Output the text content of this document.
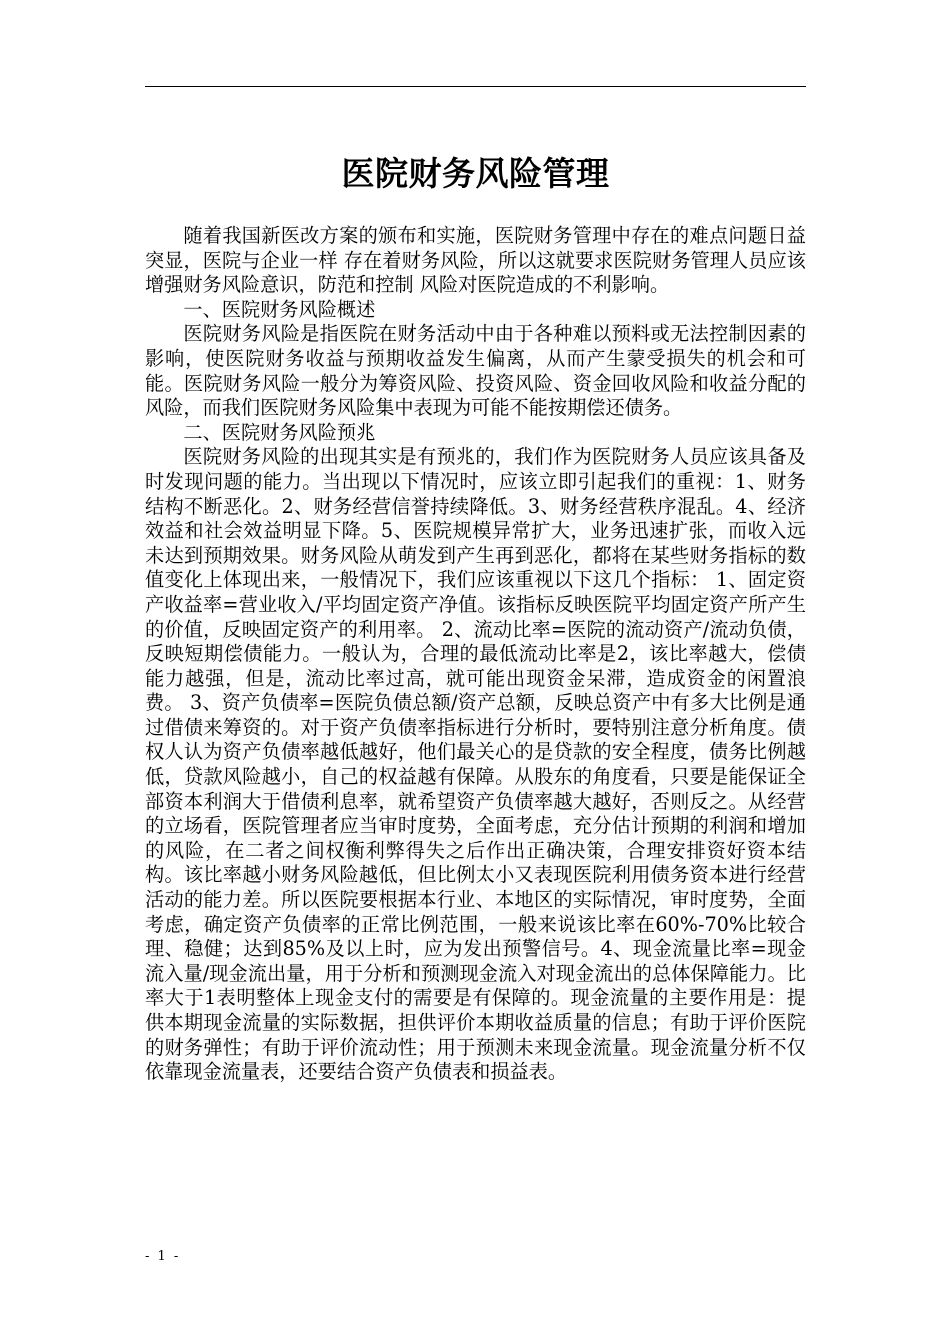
医院财务风险管理

随着我国新医改方案的颁布和实施，医院财务管理中存在的难点问题日益突显，医院与企业一样 存在着财务风险，所以这就要求医院财务管理人员应该增强财务风险意识，防范和控制 风险对医院造成的不利影响。

一、医院财务风险概述

医院财务风险是指医院在财务活动中由于各种难以预料或无法控制因素的影响，使医院财务收益与预期收益发生偏离，从而产生蒙受损失的机会和可能。医院财务风险一般分为筹资风险、投资风险、资金回收风险和收益分配的风险，而我们医院财务风险集中表现为可能不能按期偿还债务。

二、医院财务风险预兆

医院财务风险的出现其实是有预兆的，我们作为医院财务人员应该具备及时发现问题的能力。当出现以下情况时，应该立即引起我们的重视：1、财务结构不断恶化。2、财务经营信誉持续降低。3、财务经营秩序混乱。4、经济效益和社会效益明显下降。5、医院规模异常扩大，业务迅速扩张，而收入远未达到预期效果。财务风险从萌发到产生再到恶化，都将在某些财务指标的数值变化上体现出来，一般情况下，我们应该重视以下这几个指标： 1、固定资产收益率=营业收入/平均固定资产净值。该指标反映医院平均固定资产所产生的价值，反映固定资产的利用率。 2、流动比率=医院的流动资产/流动负债，反映短期偿债能力。一般认为，合理的最低流动比率是2，该比率越大，偿债能力越强，但是，流动比率过高，就可能出现资金呆滞，造成资金的闲置浪费。 3、资产负债率=医院负债总额/资产总额，反映总资产中有多大比例是通过借债来筹资的。对于资产负债率指标进行分析时，要特别注意分析角度。债权人认为资产负债率越低越好，他们最关心的是贷款的安全程度，债务比例越低，贷款风险越小，自己的权益越有保障。从股东的角度看，只要是能保证全部资本利润大于借债利息率，就希望资产负债率越大越好，否则反之。从经营的立场看，医院管理者应当审时度势，全面考虑，充分估计预期的利润和增加的风险，在二者之间权衡利弊得失之后作出正确决策，合理安排资好资本结构。该比率越小财务风险越低，但比例太小又表现医院利用债务资本进行经营活动的能力差。所以医院要根据本行业、本地区的实际情况，审时度势，全面考虑，确定资产负债率的正常比例范围，一般来说该比率在60%-70%比较合理、稳健；达到85%及以上时，应为发出预警信号。4、现金流量比率=现金流入量/现金流出量，用于分析和预测现金流入对现金流出的总体保障能力。比率大于1表明整体上现金支付的需要是有保障的。现金流量的主要作用是：提供本期现金流量的实际数据，担供评价本期收益质量的信息；有助于评价医院的财务弹性；有助于评价流动性；用于预测未来现金流量。现金流量分析不仅依靠现金流量表，还要结合资产负债表和损益表。

- 1 -
